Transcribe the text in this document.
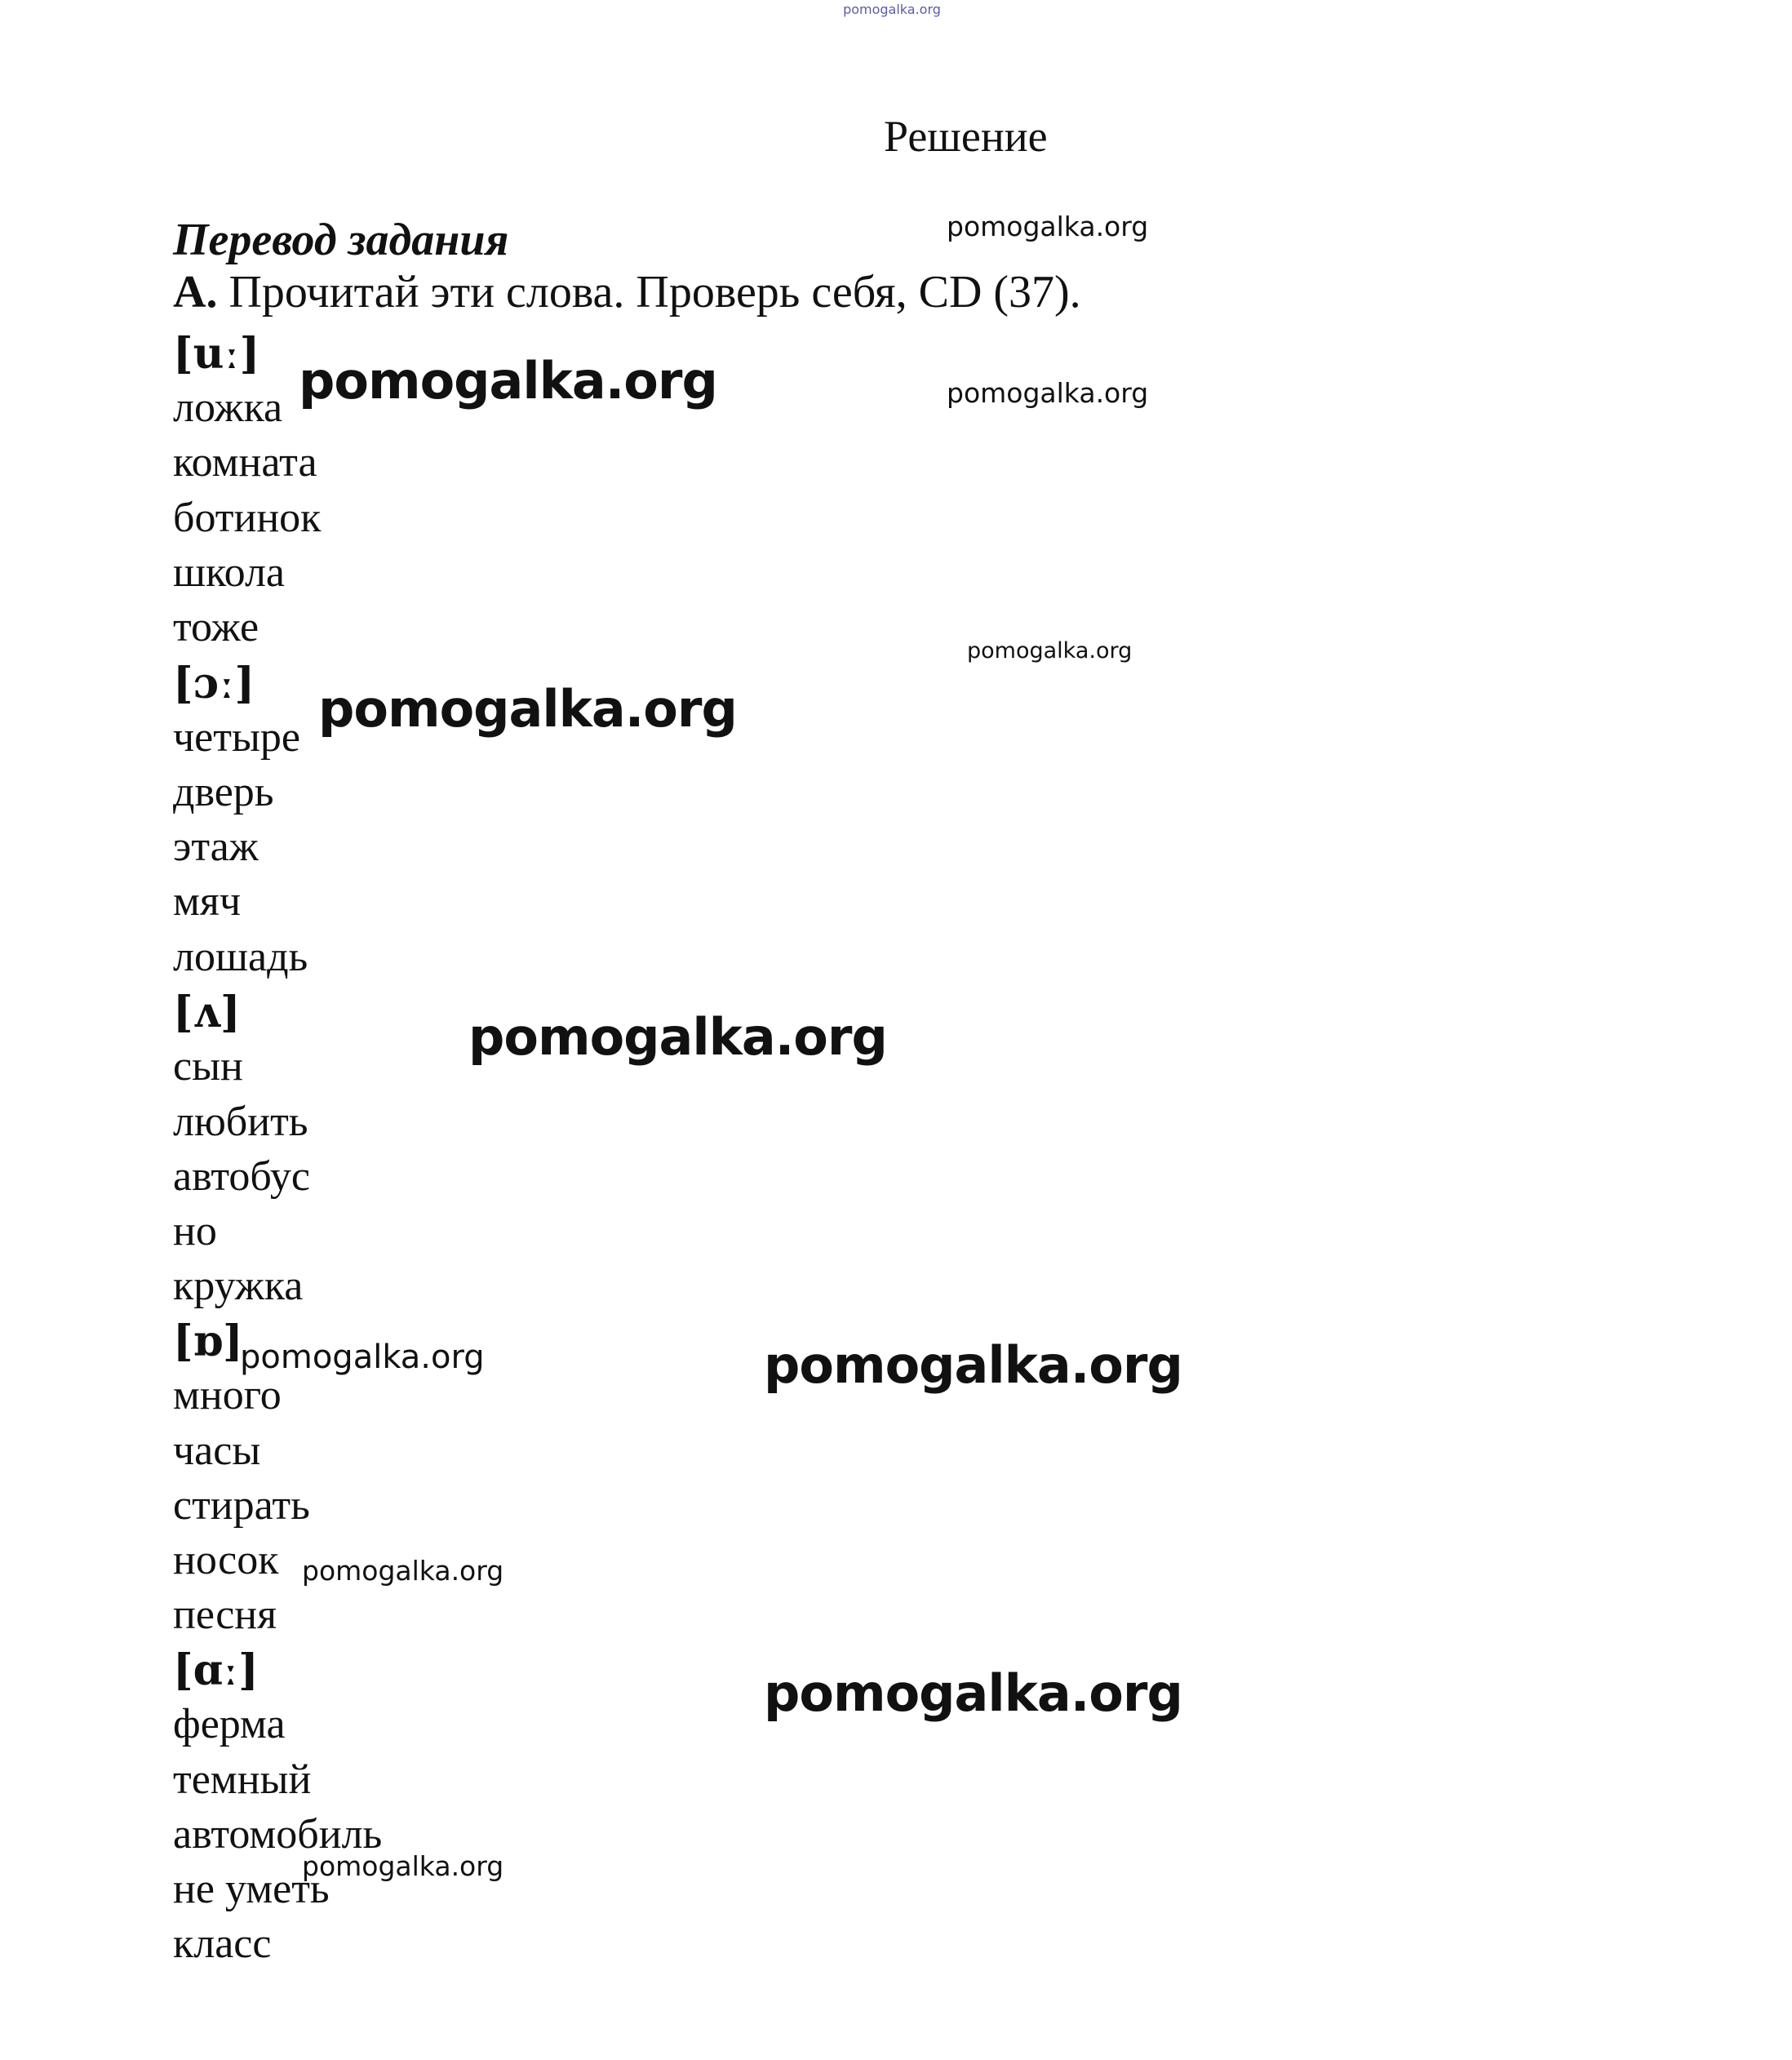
pomogalka.org
Решение
Перевод задания
A. Прочитай эти слова. Проверь себя, CD (37).
[uː]
ложка
комната
ботинок
школа
тоже
[ɔː]
четыре
дверь
этаж
мяч
лошадь
[ʌ]
сын
любить
автобус
но
кружка
[ɒ]
много
часы
стирать
носок
песня
[ɑː]
ферма
темный
автомобиль
не уметь
класс
pomogalka.org
pomogalka.org
pomogalka.org
pomogalka.org
pomogalka.org
pomogalka.org
pomogalka.org	pomogalka.org
pomogalka.org
pomogalka.org
pomogalka.org
